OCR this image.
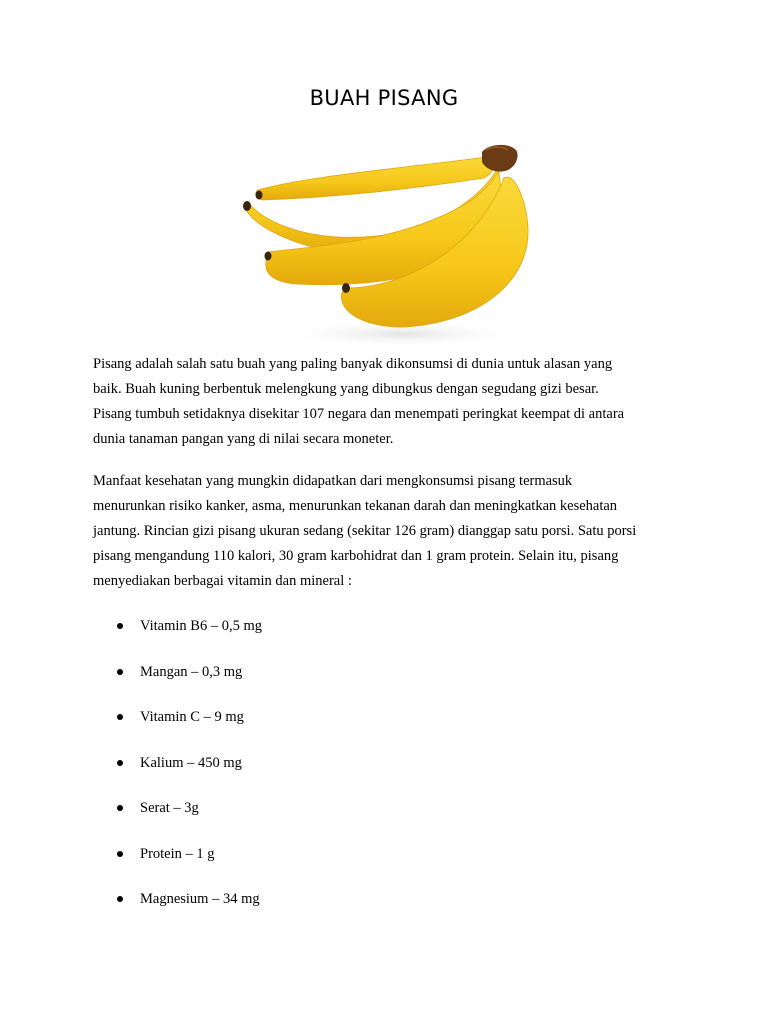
BUAH PISANG
Pisang adalah salah satu buah yang paling banyak dikonsumsi di dunia untuk alasan yang
baik. Buah kuning berbentuk melengkung yang dibungkus dengan segudang gizi besar.
Pisang tumbuh setidaknya disekitar 107 negara dan menempati peringkat keempat di antara
dunia tanaman pangan yang di nilai secara moneter.
Manfaat kesehatan yang mungkin didapatkan dari mengkonsumsi pisang termasuk
menurunkan risiko kanker, asma, menurunkan tekanan darah dan meningkatkan kesehatan
jantung. Rincian gizi pisang ukuran sedang (sekitar 126 gram) dianggap satu porsi. Satu porsi
pisang mengandung 110 kalori, 30 gram karbohidrat dan 1 gram protein. Selain itu, pisang
menyediakan berbagai vitamin dan mineral :
Vitamin B6 – 0,5 mg
Mangan – 0,3 mg
Vitamin C – 9 mg
Kalium – 450 mg
Serat – 3g
Protein – 1 g
Magnesium – 34 mg
